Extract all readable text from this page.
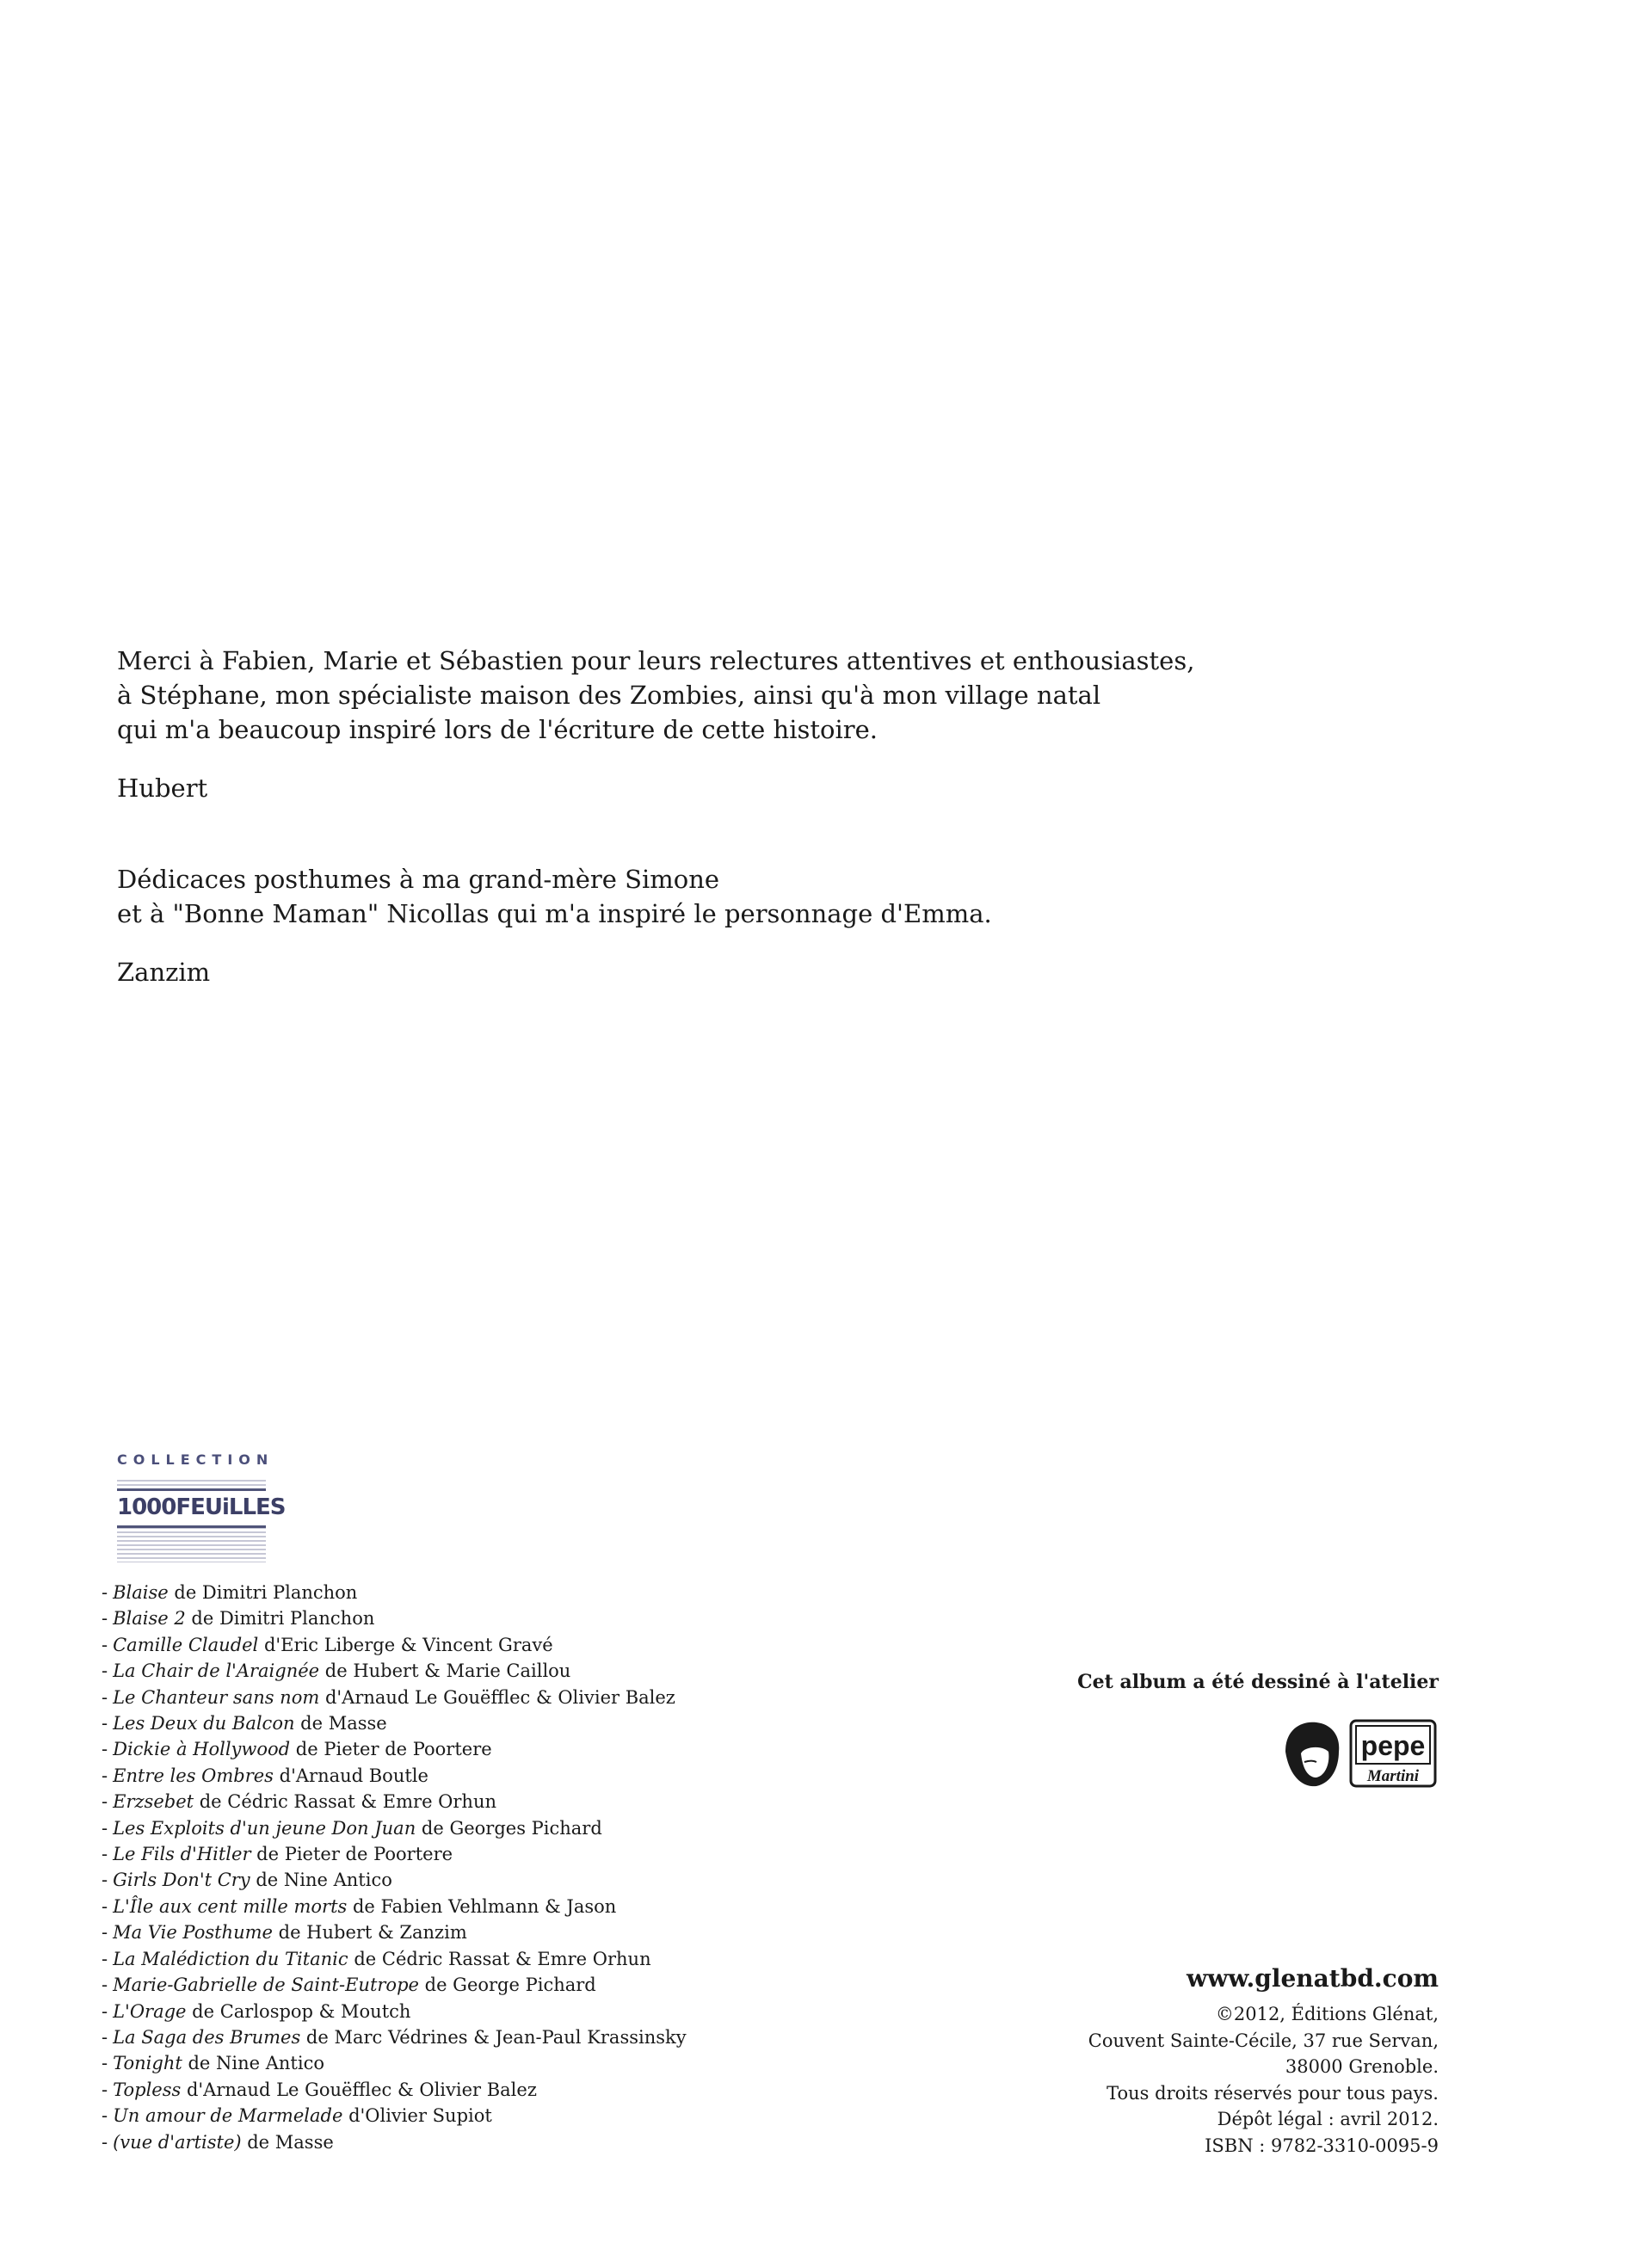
Merci à Fabien, Marie et Sébastien pour leurs relectures attentives et enthousiastes,

à Stéphane, mon spécialiste maison des Zombies, ainsi qu'à mon village natal

qui m'a beaucoup inspiré lors de l'écriture de cette histoire.

Hubert

Dédicaces posthumes à ma grand-mère Simone

et à "Bonne Maman" Nicollas qui m'a inspiré le personnage d'Emma.

Zanzim

COLLECTION
1000FEUiLLES
- Blaise de Dimitri Planchon
- Blaise 2 de Dimitri Planchon
- Camille Claudel d'Eric Liberge & Vincent Gravé
- La Chair de l'Araignée de Hubert & Marie Caillou
- Le Chanteur sans nom d'Arnaud Le Gouëfflec & Olivier Balez
- Les Deux du Balcon de Masse
- Dickie à Hollywood de Pieter de Poortere
- Entre les Ombres d'Arnaud Boutle
- Erzsebet de Cédric Rassat & Emre Orhun
- Les Exploits d'un jeune Don Juan de Georges Pichard
- Le Fils d'Hitler de Pieter de Poortere
- Girls Don't Cry de Nine Antico
- L'Île aux cent mille morts de Fabien Vehlmann & Jason
- Ma Vie Posthume de Hubert & Zanzim
- La Malédiction du Titanic de Cédric Rassat & Emre Orhun
- Marie-Gabrielle de Saint-Eutrope de George Pichard
- L'Orage de Carlospop & Moutch
- La Saga des Brumes de Marc Védrines & Jean-Paul Krassinsky
- Tonight de Nine Antico
- Topless d'Arnaud Le Gouëfflec & Olivier Balez
- Un amour de Marmelade d'Olivier Supiot
- (vue d'artiste) de Masse
Cet album a été dessiné à l'atelier
pepe
Martini
www.glenatbd.com
©2012, Éditions Glénat,
Couvent Sainte-Cécile, 37 rue Servan,
38000 Grenoble.
Tous droits réservés pour tous pays.
Dépôt légal : avril 2012.
ISBN : 9782-3310-0095-9
